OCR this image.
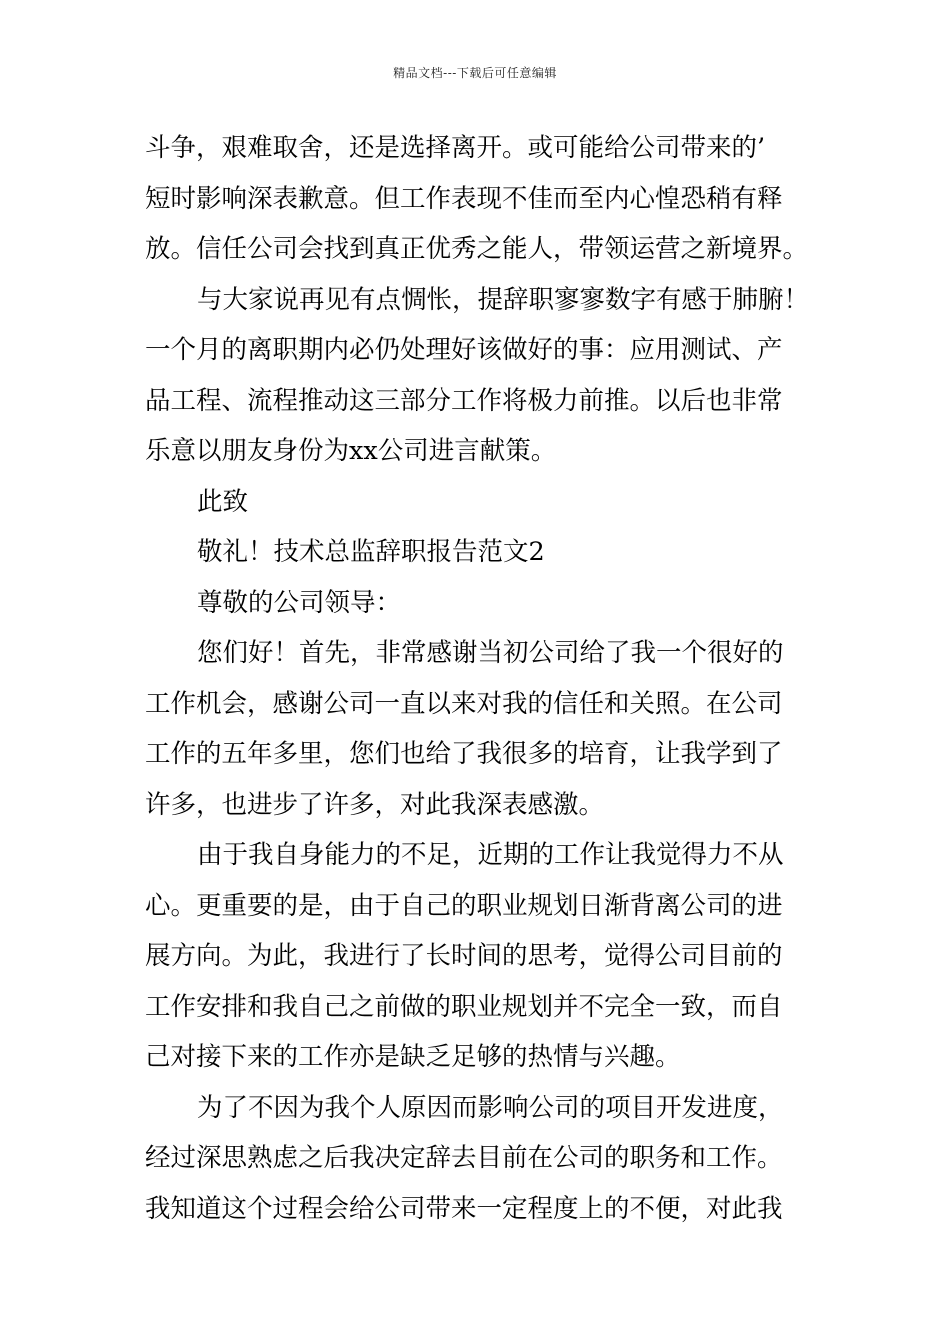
精品文档---下载后可任意编辑
斗争，艰难取舍，还是选择离开。或可能给公司带来的’
短时影响深表歉意。但工作表现不佳而至内心惶恐稍有释
放。信任公司会找到真正优秀之能人，带领运营之新境界。
与大家说再见有点惆怅，提辞职寥寥数字有感于肺腑！
一个月的离职期内必仍处理好该做好的事：应用测试、产
品工程、流程推动这三部分工作将极力前推。以后也非常
乐意以朋友身份为xx公司进言献策。
此致
敬礼！技术总监辞职报告范文2
尊敬的公司领导：
您们好！首先，非常感谢当初公司给了我一个很好的
工作机会，感谢公司一直以来对我的信任和关照。在公司
工作的五年多里，您们也给了我很多的培育，让我学到了
许多，也进步了许多，对此我深表感激。
由于我自身能力的不足，近期的工作让我觉得力不从
心。更重要的是，由于自己的职业规划日渐背离公司的进
展方向。为此，我进行了长时间的思考，觉得公司目前的
工作安排和我自己之前做的职业规划并不完全一致，而自
己对接下来的工作亦是缺乏足够的热情与兴趣。
为了不因为我个人原因而影响公司的项目开发进度，
经过深思熟虑之后我决定辞去目前在公司的职务和工作。
我知道这个过程会给公司带来一定程度上的不便，对此我
